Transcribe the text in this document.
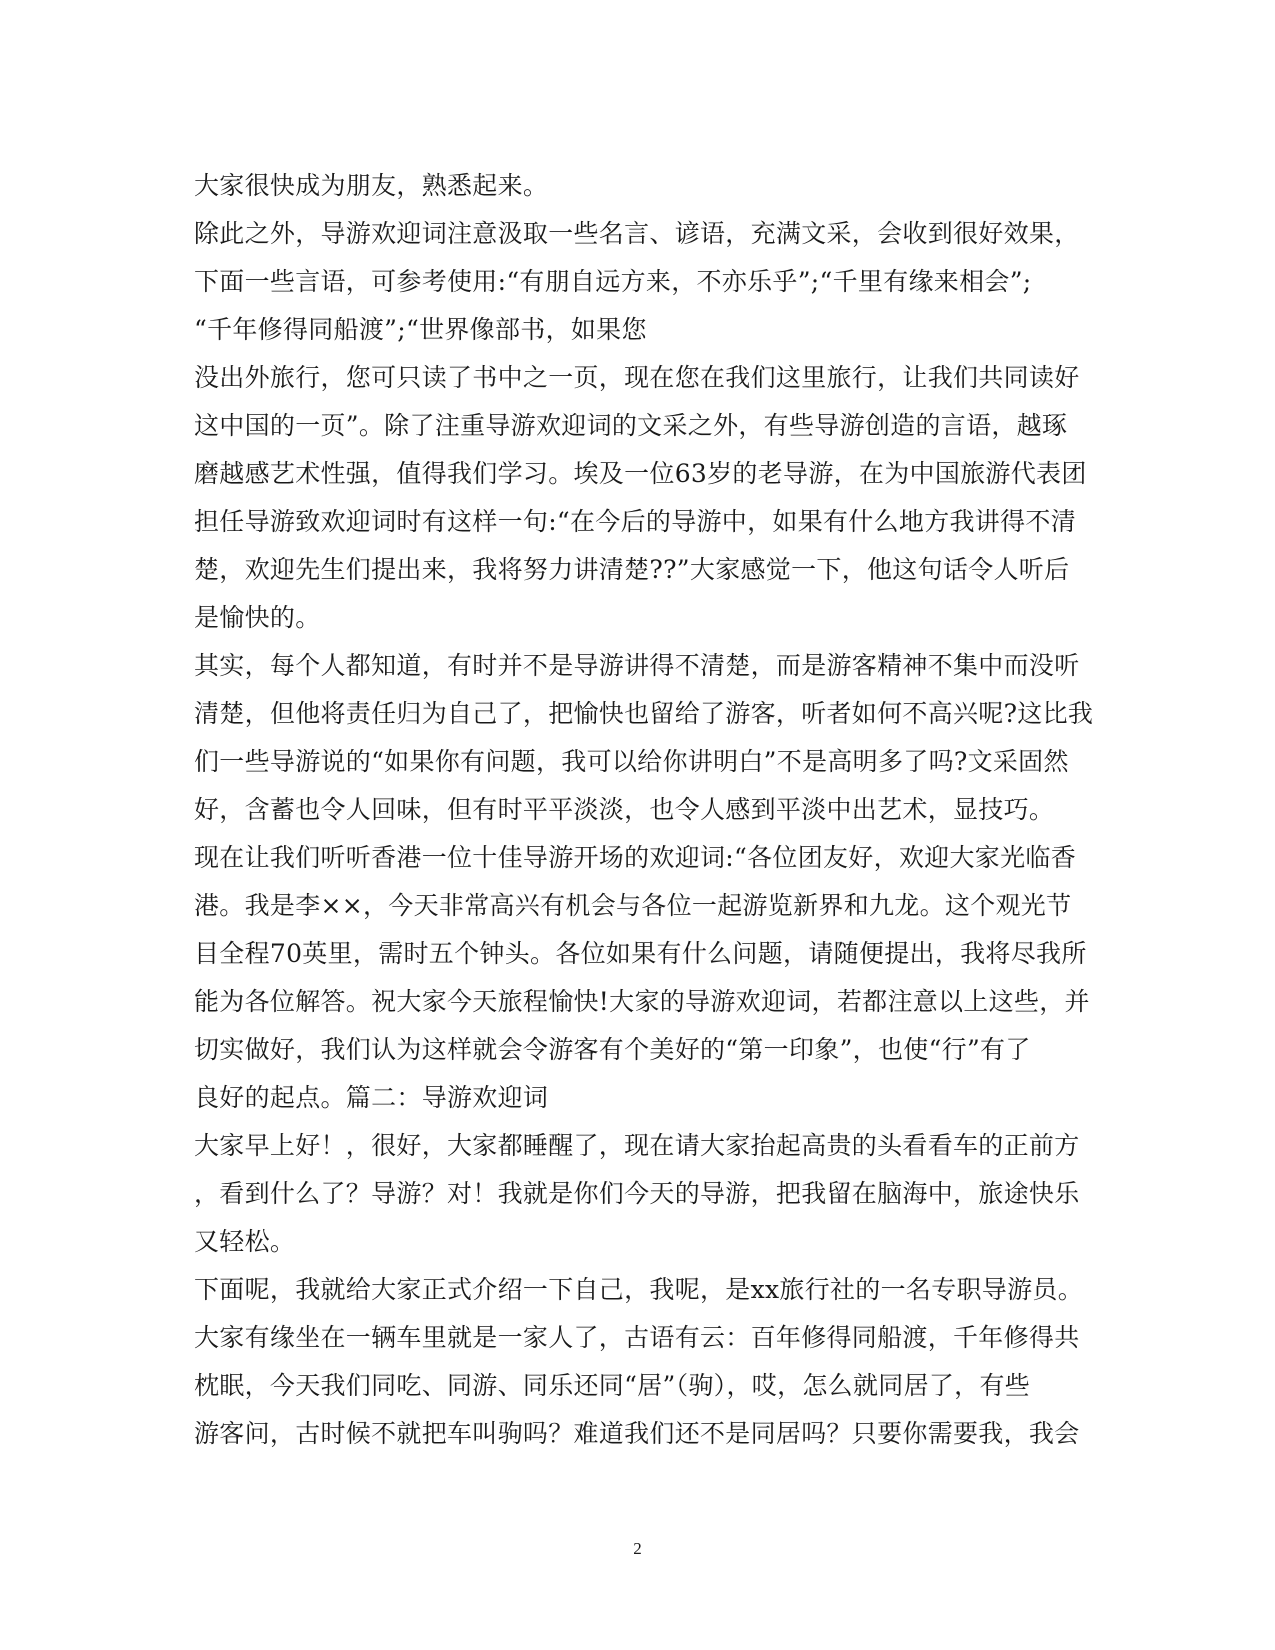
大家很快成为朋友，熟悉起来。
除此之外，导游欢迎词注意汲取一些名言、谚语，充满文采，会收到很好效果，
下面一些言语，可参考使用:“有朋自远方来，不亦乐乎”;“千里有缘来相会”;
“千年修得同船渡”;“世界像部书，如果您
没出外旅行，您可只读了书中之一页，现在您在我们这里旅行，让我们共同读好
这中国的一页”。除了注重导游欢迎词的文采之外，有些导游创造的言语，越琢
磨越感艺术性强，值得我们学习。埃及一位63岁的老导游，在为中国旅游代表团
担任导游致欢迎词时有这样一句:“在今后的导游中，如果有什么地方我讲得不清
楚，欢迎先生们提出来，我将努力讲清楚??”大家感觉一下，他这句话令人听后
是愉快的。
其实，每个人都知道，有时并不是导游讲得不清楚，而是游客精神不集中而没听
清楚，但他将责任归为自己了，把愉快也留给了游客，听者如何不高兴呢?这比我
们一些导游说的“如果你有问题，我可以给你讲明白”不是高明多了吗?文采固然
好，含蓄也令人回味，但有时平平淡淡，也令人感到平淡中出艺术，显技巧。
现在让我们听听香港一位十佳导游开场的欢迎词:“各位团友好，欢迎大家光临香
港。我是李××，今天非常高兴有机会与各位一起游览新界和九龙。这个观光节
目全程70英里，需时五个钟头。各位如果有什么问题，请随便提出，我将尽我所
能为各位解答。祝大家今天旅程愉快!大家的导游欢迎词，若都注意以上这些，并
切实做好，我们认为这样就会令游客有个美好的“第一印象”，也使“行”有了
良好的起点。篇二：导游欢迎词
大家早上好！，很好，大家都睡醒了，现在请大家抬起高贵的头看看车的正前方
，看到什么了？导游？对！我就是你们今天的导游，把我留在脑海中，旅途快乐
又轻松。
下面呢，我就给大家正式介绍一下自己，我呢，是xx旅行社的一名专职导游员。
大家有缘坐在一辆车里就是一家人了，古语有云：百年修得同船渡，千年修得共
枕眠，今天我们同吃、同游、同乐还同“居”（驹），哎，怎么就同居了，有些
游客问，古时候不就把车叫驹吗？难道我们还不是同居吗？只要你需要我，我会
2
